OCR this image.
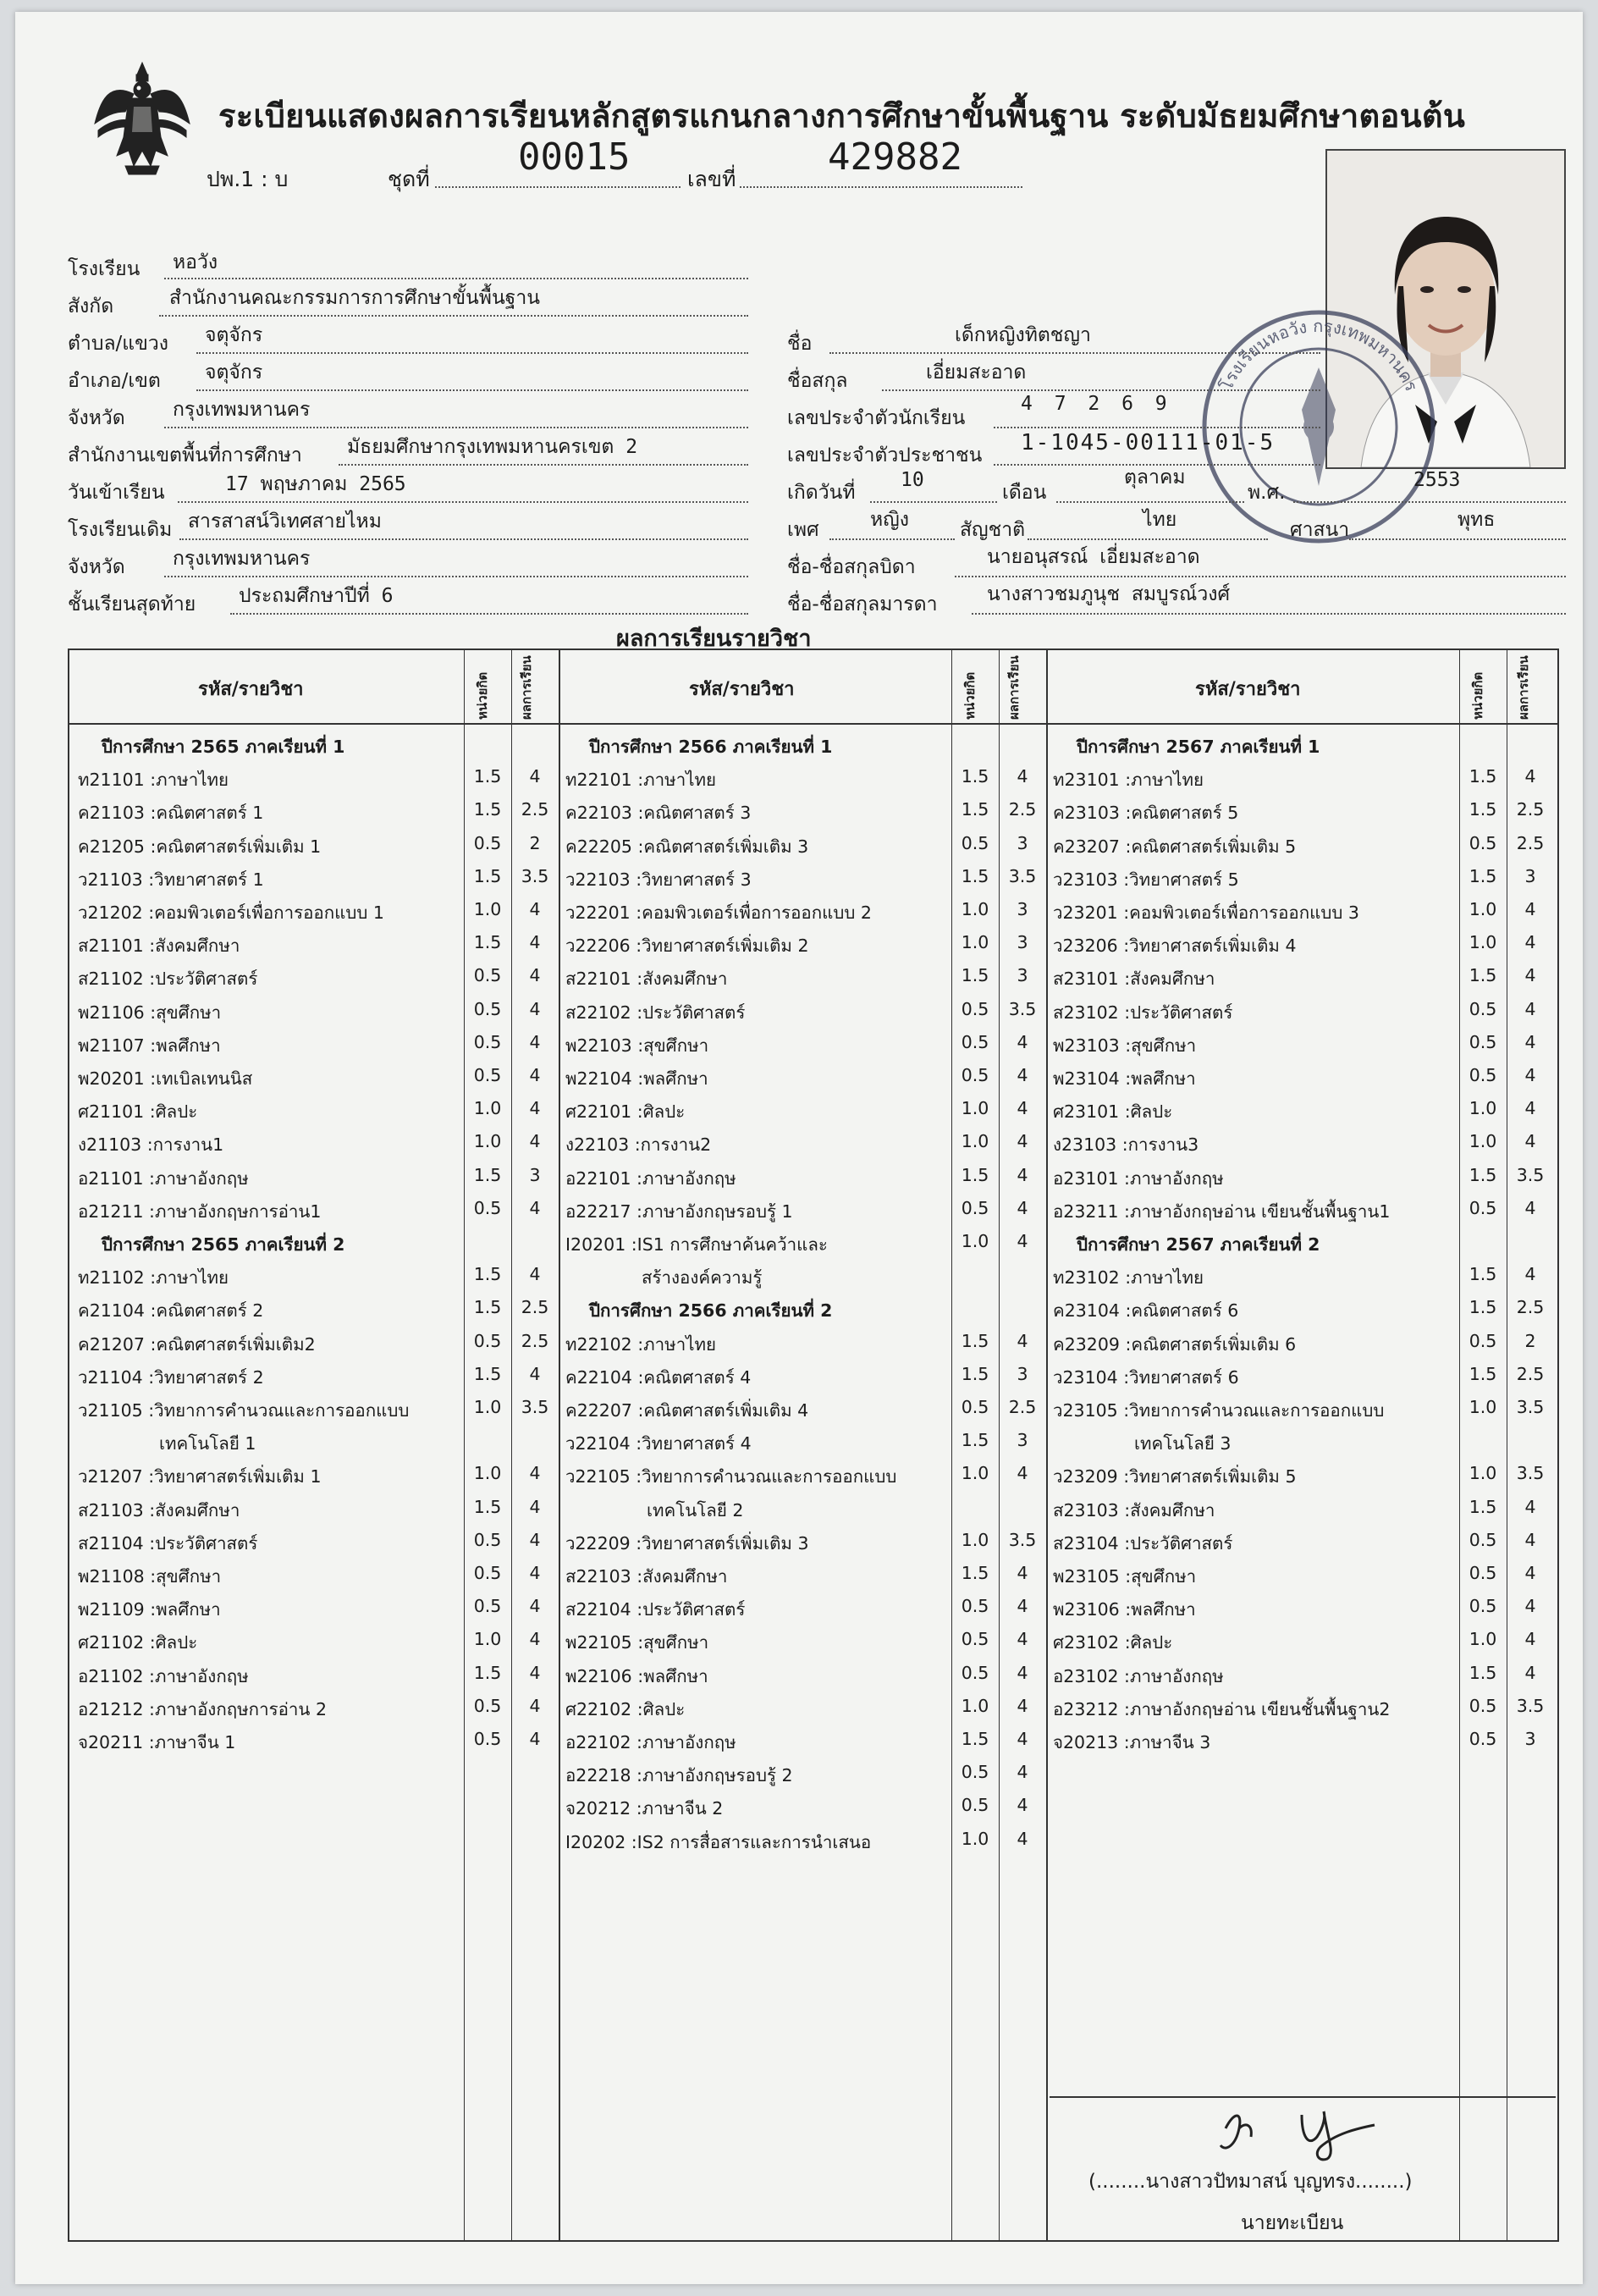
ระเบียนแสดงผลการเรียนหลักสูตรแกนกลางการศึกษาขั้นพื้นฐาน ระดับมัธยมศึกษาตอนต้น
ปพ.1 : บ	ชุดที่
00015
เลขที่
429882
โรงเรียนหอวัง กรุงเทพมหานคร
โรงเรียน หอวัง
สังกัด	สำนักงานคณะกรรมการการศึกษาขั้นพื้นฐาน
ตำบล/แขวง จตุจักร
อำเภอ/เขต จตุจักร
จังหวัด กรุงเทพมหานคร
สำนักงานเขตพื้นที่การศึกษา มัธยมศึกษากรุงเทพมหานครเขต 2
วันเข้าเรียน	17 พฤษภาคม 2565
โรงเรียนเดิม สารสาสน์วิเทศสายไหม
จังหวัด กรุงเทพมหานคร
ชั้นเรียนสุดท้าย ประถมศึกษาปีที่ 6
ชื่อ	เด็กหญิงทิตชญา
ชื่อสกุล	เอี่ยมสะอาด
เลขประจำตัวนักเรียน
4 7 2 6 9
เลขประจำตัวประชาชน 1-1045-00111-01-5
เกิดวันที่
10
เดือน
ตุลาคม
พ.ศ.
2553
เพศ	หญิง	สัญชาติ	ไทย	ศาสนา	พุทธ
ชื่อ-ชื่อสกุลบิดา	นายอนุสรณ์ เอี่ยมสะอาด
ชื่อ-ชื่อสกุลมารดา	นางสาวชมภูนุช สมบูรณ์วงศ์
ผลการเรียนรายวิชา
รหัส/รายวิชา	หน่วยกิต ผลการเรียน	รหัส/รายวิชา	หน่วยกิต ผลการเรียน	รหัส/รายวิชา	หน่วยกิต ผลการเรียน
ปีการศึกษา 2565 ภาคเรียนที่ 1
ท21101 :ภาษาไทย	1.5	4
ค21103 :คณิตศาสตร์ 1	1.5	2.5
ค21205 :คณิตศาสตร์เพิ่มเติม 1	0.5	2
ว21103 :วิทยาศาสตร์ 1	1.5	3.5
ว21202 :คอมพิวเตอร์เพื่อการออกแบบ 1	1.0	4
ส21101 :สังคมศึกษา	1.5	4
ส21102 :ประวัติศาสตร์	0.5	4
พ21106 :สุขศึกษา	0.5	4
พ21107 :พลศึกษา	0.5	4
พ20201 :เทเบิลเทนนิส	0.5	4
ศ21101 :ศิลปะ	1.0	4
ง21103 :การงาน1	1.0	4
อ21101 :ภาษาอังกฤษ	1.5	3
อ21211 :ภาษาอังกฤษการอ่าน1	0.5	4
ปีการศึกษา 2565 ภาคเรียนที่ 2
ท21102 :ภาษาไทย	1.5	4
ค21104 :คณิตศาสตร์ 2	1.5	2.5
ค21207 :คณิตศาสตร์เพิ่มเติม2	0.5	2.5
ว21104 :วิทยาศาสตร์ 2	1.5	4
ว21105 :วิทยาการคำนวณและการออกแบบ	1.0	3.5
เทคโนโลยี 1
ว21207 :วิทยาศาสตร์เพิ่มเติม 1	1.0	4
ส21103 :สังคมศึกษา	1.5	4
ส21104 :ประวัติศาสตร์	0.5	4
พ21108 :สุขศึกษา	0.5	4
พ21109 :พลศึกษา	0.5	4
ศ21102 :ศิลปะ	1.0	4
อ21102 :ภาษาอังกฤษ	1.5	4
อ21212 :ภาษาอังกฤษการอ่าน 2	0.5	4
จ20211 :ภาษาจีน 1	0.5	4
ปีการศึกษา 2566 ภาคเรียนที่ 1
ท22101 :ภาษาไทย	1.5	4
ค22103 :คณิตศาสตร์ 3	1.5	2.5
ค22205 :คณิตศาสตร์เพิ่มเติม 3	0.5	3
ว22103 :วิทยาศาสตร์ 3	1.5	3.5
ว22201 :คอมพิวเตอร์เพื่อการออกแบบ 2	1.0	3
ว22206 :วิทยาศาสตร์เพิ่มเติม 2	1.0	3
ส22101 :สังคมศึกษา	1.5	3
ส22102 :ประวัติศาสตร์	0.5	3.5
พ22103 :สุขศึกษา	0.5	4
พ22104 :พลศึกษา	0.5	4
ศ22101 :ศิลปะ	1.0	4
ง22103 :การงาน2	1.0	4
อ22101 :ภาษาอังกฤษ	1.5	4
อ22217 :ภาษาอังกฤษรอบรู้ 1	0.5	4
I20201 :IS1 การศึกษาค้นคว้าและ	1.0	4
สร้างองค์ความรู้
ปีการศึกษา 2566 ภาคเรียนที่ 2
ท22102 :ภาษาไทย	1.5	4
ค22104 :คณิตศาสตร์ 4	1.5	3
ค22207 :คณิตศาสตร์เพิ่มเติม 4	0.5	2.5
ว22104 :วิทยาศาสตร์ 4	1.5	3
ว22105 :วิทยาการคำนวณและการออกแบบ	1.0	4
เทคโนโลยี 2
ว22209 :วิทยาศาสตร์เพิ่มเติม 3	1.0	3.5
ส22103 :สังคมศึกษา	1.5	4
ส22104 :ประวัติศาสตร์	0.5	4
พ22105 :สุขศึกษา	0.5	4
พ22106 :พลศึกษา	0.5	4
ศ22102 :ศิลปะ	1.0	4
อ22102 :ภาษาอังกฤษ	1.5	4
อ22218 :ภาษาอังกฤษรอบรู้ 2	0.5	4
จ20212 :ภาษาจีน 2	0.5	4
I20202 :IS2 การสื่อสารและการนำเสนอ	1.0	4
ปีการศึกษา 2567 ภาคเรียนที่ 1
ท23101 :ภาษาไทย	1.5	4
ค23103 :คณิตศาสตร์ 5	1.5	2.5
ค23207 :คณิตศาสตร์เพิ่มเติม 5	0.5	2.5
ว23103 :วิทยาศาสตร์ 5	1.5	3
ว23201 :คอมพิวเตอร์เพื่อการออกแบบ 3	1.0	4
ว23206 :วิทยาศาสตร์เพิ่มเติม 4	1.0	4
ส23101 :สังคมศึกษา	1.5	4
ส23102 :ประวัติศาสตร์	0.5	4
พ23103 :สุขศึกษา	0.5	4
พ23104 :พลศึกษา	0.5	4
ศ23101 :ศิลปะ	1.0	4
ง23103 :การงาน3	1.0	4
อ23101 :ภาษาอังกฤษ	1.5	3.5
อ23211 :ภาษาอังกฤษอ่าน เขียนชั้นพื้นฐาน1	0.5	4
ปีการศึกษา 2567 ภาคเรียนที่ 2
ท23102 :ภาษาไทย	1.5	4
ค23104 :คณิตศาสตร์ 6	1.5	2.5
ค23209 :คณิตศาสตร์เพิ่มเติม 6	0.5	2
ว23104 :วิทยาศาสตร์ 6	1.5	2.5
ว23105 :วิทยาการคำนวณและการออกแบบ	1.0	3.5
เทคโนโลยี 3
ว23209 :วิทยาศาสตร์เพิ่มเติม 5	1.0	3.5
ส23103 :สังคมศึกษา	1.5	4
ส23104 :ประวัติศาสตร์	0.5	4
พ23105 :สุขศึกษา	0.5	4
พ23106 :พลศึกษา	0.5	4
ศ23102 :ศิลปะ	1.0	4
อ23102 :ภาษาอังกฤษ	1.5	4
อ23212 :ภาษาอังกฤษอ่าน เขียนชั้นพื้นฐาน2	0.5	3.5
จ20213 :ภาษาจีน 3	0.5	3
(........นางสาวปัทมาสน์ บุญทรง........)
นายทะเบียน
